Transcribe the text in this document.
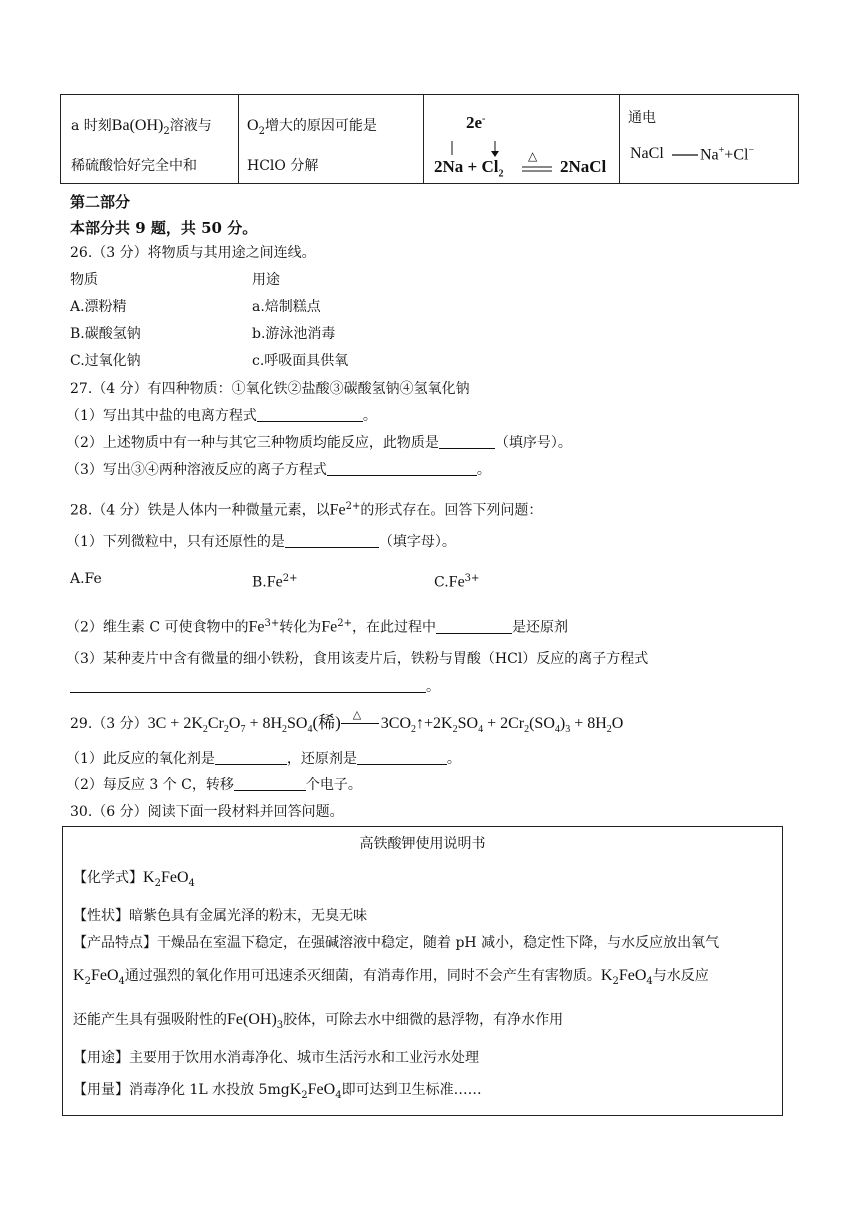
a 时刻$Ba(OH)_2$溶液与
稀硫酸恰好完全中和

$O_2$增大的原因可能是
HClO 分解

2e-
$2Na + Cl_2$
△
2NaCl

通电
NaCl Na++Cl−
第二部分
本部分共 9 题，共 50 分。
26.（3 分）将物质与其用途之间连线。
物质	用途
A.漂粉精	a.焙制糕点
B.碳酸氢钠	b.游泳池消毒
C.过氧化钠	c.呼吸面具供氧
27.（4 分）有四种物质：①氧化铁②盐酸③碳酸氢钠④氢氧化钠
（1）写出其中盐的电离方程式	。
（2）上述物质中有一种与其它三种物质均能反应，此物质是	（填序号）。
（3）写出③④两种溶液反应的离子方程式	。
28.（4 分）铁是人体内一种微量元素，以$Fe^{2+}$的形式存在。回答下列问题：
（1）下列微粒中，只有还原性的是	（填字母）。
A.Fe	$B.Fe^{2+}$	$C.Fe^{3+}$
（2）维生素 C 可使食物中的$Fe^{3+}$转化为$Fe^{2+}$，在此过程中	是还原剂
（3）某种麦片中含有微量的细小铁粉，食用该麦片后，铁粉与胃酸（HCl）反应的离子方程式
。
29.（3 分）$3C + 2K_2Cr_2O_7 + 8H_2SO_4$(稀) △ $3CO_2↑+2K_2SO_4 + 2Cr_2(SO_4)_3 + 8H_2O$
（1）此反应的氧化剂是	，还原剂是	。
（2）每反应 3 个 C，转移	个电子。
30.（6 分）阅读下面一段材料并回答问题。
高铁酸钾使用说明书
【化学式】$K_2FeO_4$
【性状】暗紫色具有金属光泽的粉末，无臭无味
【产品特点】干燥品在室温下稳定，在强碱溶液中稳定，随着 pH 减小，稳定性下降，与水反应放出氧气
$K_2FeO_4$通过强烈的氧化作用可迅速杀灭细菌，有消毒作用，同时不会产生有害物质。$K_2FeO_4$与水反应
还能产生具有强吸附性的$Fe(OH)_3$胶体，可除去水中细微的悬浮物，有净水作用
【用途】主要用于饮用水消毒净化、城市生活污水和工业污水处理
【用量】消毒净化 1L 水投放 5mgK$_2$FeO$_4$即可达到卫生标准……
